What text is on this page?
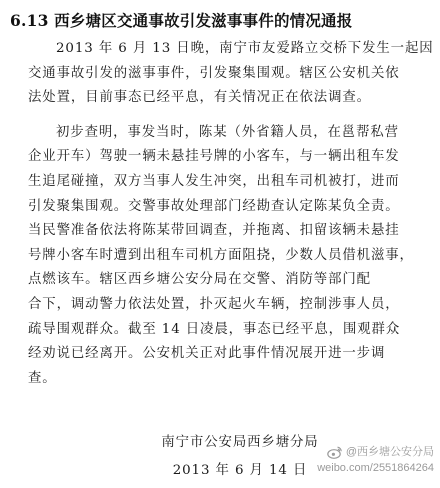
6.13 西乡塘区交通事故引发滋事事件的情况通报
2013 年 6 月 13 日晚，南宁市友爱路立交桥下发生一起因
交通事故引发的滋事事件，引发聚集围观。辖区公安机关依
法处置，目前事态已经平息，有关情况正在依法调查。
初步查明，事发当时，陈某（外省籍人员，在邕帮私营
企业开车）驾驶一辆未悬挂号牌的小客车，与一辆出租车发
生追尾碰撞，双方当事人发生冲突，出租车司机被打，进而
引发聚集围观。交警事故处理部门经勘查认定陈某负全责。
当民警准备依法将陈某带回调查，并拖离、扣留该辆未悬挂
号牌小客车时遭到出租车司机方面阻挠，少数人员借机滋事，
点燃该车。辖区西乡塘公安分局在交警、消防等部门配
合下，调动警力依法处置，扑灭起火车辆，控制涉事人员，
疏导围观群众。截至 14 日凌晨，事态已经平息，围观群众
经劝说已经离开。公安机关正对此事件情况展开进一步调
查。
南宁市公安局西乡塘分局
2013 年 6 月 14 日
@西乡塘公安分局
weibo.com/2551864264
